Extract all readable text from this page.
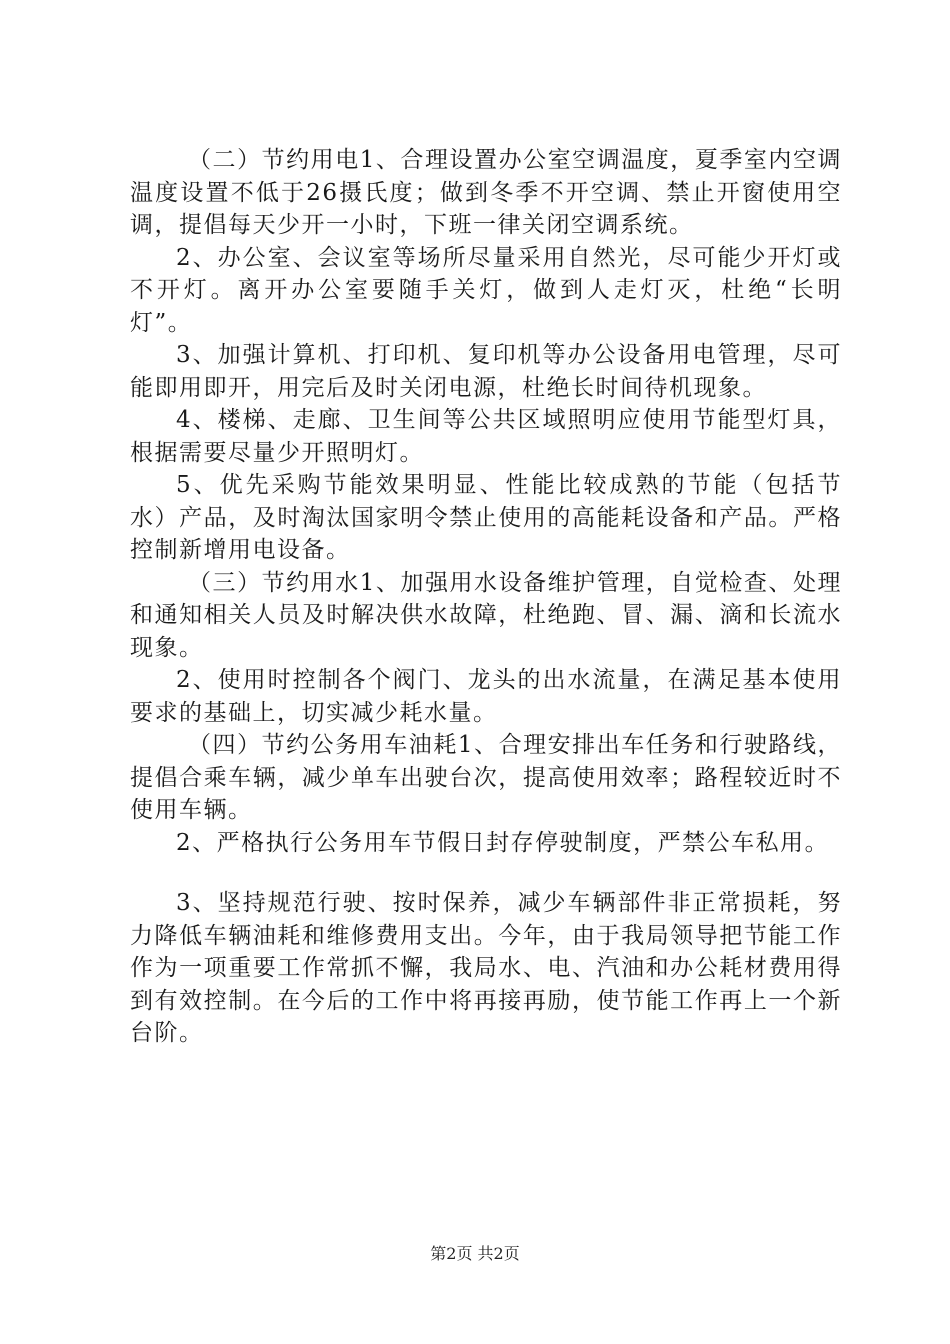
（二）节约用电1、合理设置办公室空调温度，夏季室内空调温度设置不低于26摄氏度；做到冬季不开空调、禁止开窗使用空调，提倡每天少开一小时，下班一律关闭空调系统。

2、办公室、会议室等场所尽量采用自然光，尽可能少开灯或不开灯。离开办公室要随手关灯，做到人走灯灭，杜绝“长明灯”。

3、加强计算机、打印机、复印机等办公设备用电管理，尽可能即用即开，用完后及时关闭电源，杜绝长时间待机现象。

4、楼梯、走廊、卫生间等公共区域照明应使用节能型灯具，根据需要尽量少开照明灯。

5、优先采购节能效果明显、性能比较成熟的节能（包括节水）产品，及时淘汰国家明令禁止使用的高能耗设备和产品。严格控制新增用电设备。

（三）节约用水1、加强用水设备维护管理，自觉检查、处理和通知相关人员及时解决供水故障，杜绝跑、冒、漏、滴和长流水现象。

2、使用时控制各个阀门、龙头的出水流量，在满足基本使用要求的基础上，切实减少耗水量。

（四）节约公务用车油耗1、合理安排出车任务和行驶路线，提倡合乘车辆，减少单车出驶台次，提高使用效率；路程较近时不使用车辆。

2、严格执行公务用车节假日封存停驶制度，严禁公车私用。

3、坚持规范行驶、按时保养，减少车辆部件非正常损耗，努力降低车辆油耗和维修费用支出。今年，由于我局领导把节能工作作为一项重要工作常抓不懈，我局水、电、汽油和办公耗材费用得到有效控制。在今后的工作中将再接再励，使节能工作再上一个新台阶。

第2页 共2页
